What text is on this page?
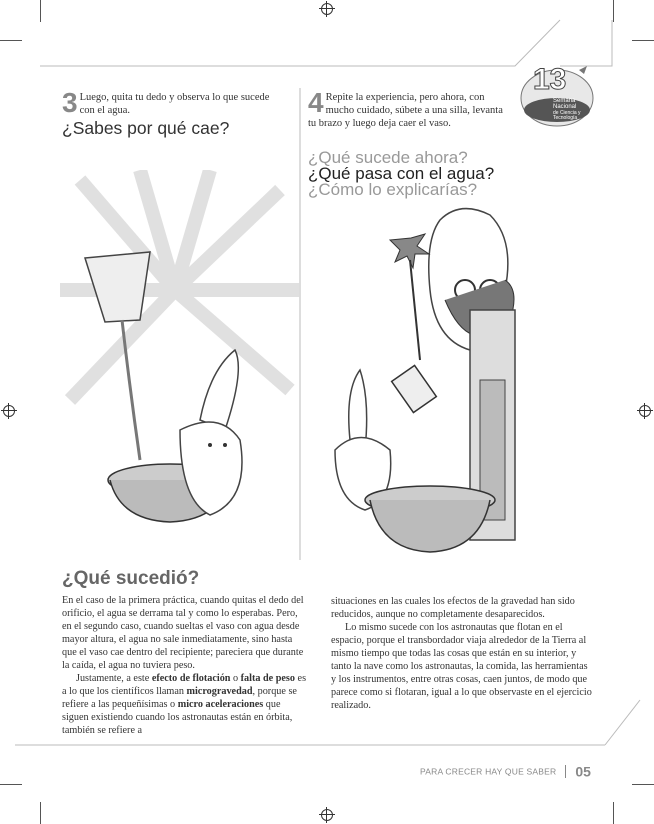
13
Semana
Nacional
de Ciencia y
Tecnología
3 Luego, quita tu dedo y observa lo que sucede con el agua.
¿Sabes por qué cae?
4 Repite la experiencia, pero ahora, con mucho cuidado, súbete a una silla, levanta tu brazo y luego deja caer el vaso.
¿Qué sucede ahora?
¿Qué pasa con el agua?
¿Cómo lo explicarías?
¿Qué sucedió?

En el caso de la primera práctica, cuando quitas el dedo del orificio, el agua se derrama tal y como lo esperabas. Pero, en el segundo caso, cuando sueltas el vaso con agua desde mayor altura, el agua no sale inmediatamente, sino hasta que el vaso cae dentro del recipiente; pareciera que durante la caída, el agua no tuviera peso.

Justamente, a este efecto de flotación o falta de peso es a lo que los científicos llaman microgravedad, porque se refiere a las pequeñísimas o micro aceleraciones que siguen existiendo cuando los astronautas están en órbita, también se refiere a

situaciones en las cuales los efectos de la gravedad han sido reducidos, aunque no completamente desaparecidos.

Lo mismo sucede con los astronautas que flotan en el espacio, porque el transbordador viaja alrededor de la Tierra al mismo tiempo que todas las cosas que están en su interior, y tanto la nave como los astronautas, la comida, las herramientas y los instrumentos, entre otras cosas, caen juntos, de modo que parece como si flotaran, igual a lo que observaste en el ejercicio realizado.

PARA CRECER HAY QUE SABER 05
